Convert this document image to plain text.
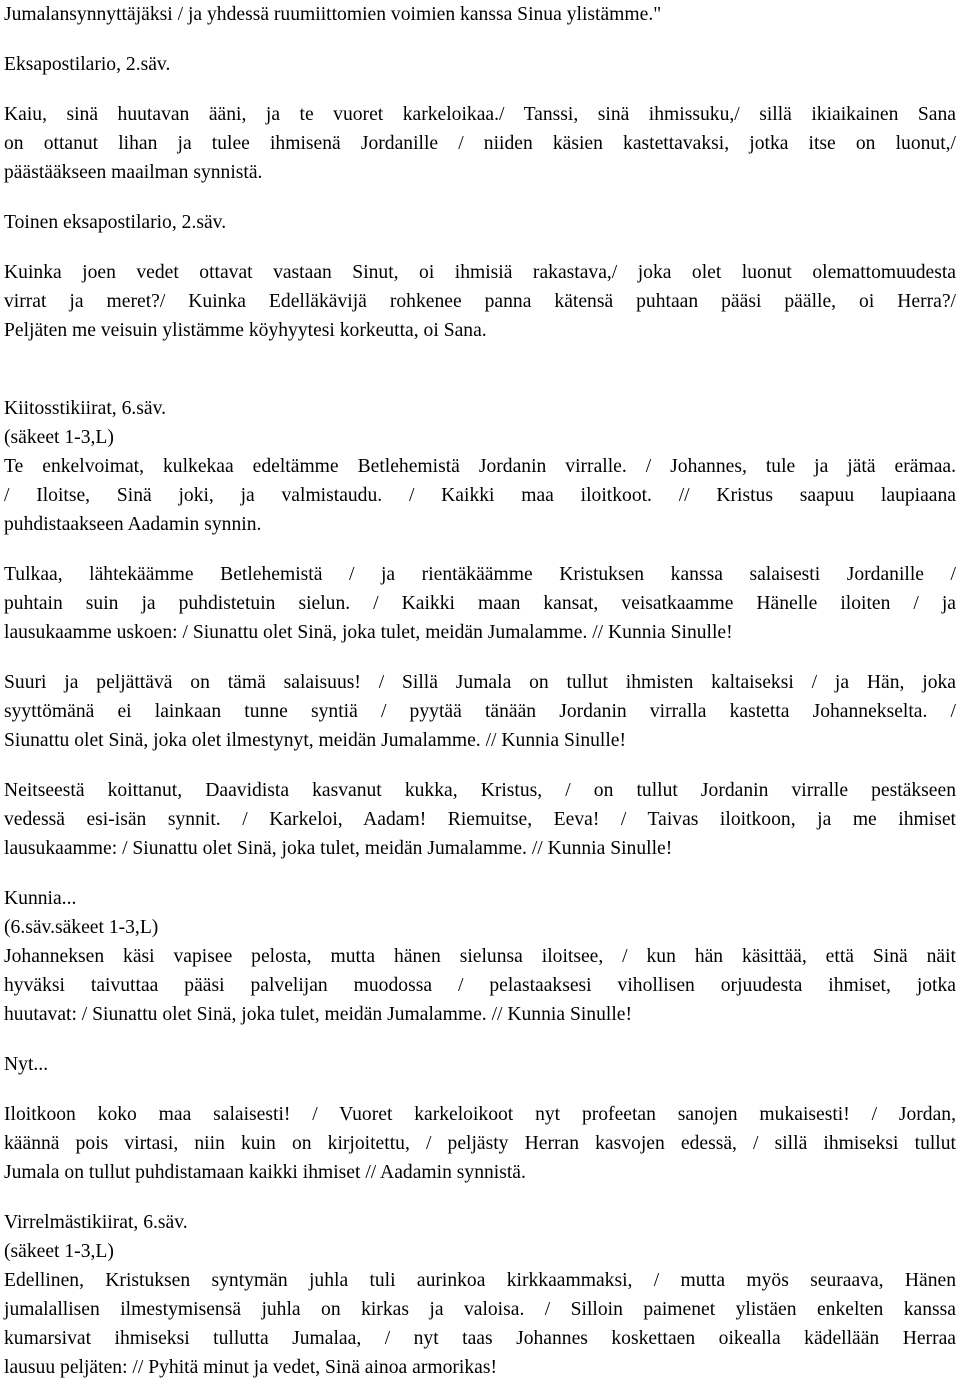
Jumalansynnyttäjäksi / ja yhdessä ruumiittomien voimien kanssa Sinua ylistämme."
Eksapostilario, 2.säv.
Kaiu, sinä huutavan ääni, ja te vuoret karkeloikaa./ Tanssi, sinä ihmissuku,/ sillä ikiaikainen Sana
on ottanut lihan ja tulee ihmisenä Jordanille / niiden käsien kastettavaksi, jotka itse on luonut,/
päästääkseen maailman synnistä.
Toinen eksapostilario, 2.säv.
Kuinka joen vedet ottavat vastaan Sinut, oi ihmisiä rakastava,/ joka olet luonut olemattomuudesta
virrat ja meret?/ Kuinka Edelläkävijä rohkenee panna kätensä puhtaan pääsi päälle, oi Herra?/
Peljäten me veisuin ylistämme köyhyytesi korkeutta, oi Sana.
Kiitosstikiirat, 6.säv.
(säkeet 1-3,L)
Te enkelvoimat, kulkekaa edeltämme Betlehemistä Jordanin virralle. / Johannes, tule ja jätä erämaa.
/ Iloitse, Sinä joki, ja valmistaudu. / Kaikki maa iloitkoot. // Kristus saapuu laupiaana
puhdistaakseen Aadamin synnin.
Tulkaa, lähtekäämme Betlehemistä / ja rientäkäämme Kristuksen kanssa salaisesti Jordanille /
puhtain suin ja puhdistetuin sielun. / Kaikki maan kansat, veisatkaamme Hänelle iloiten / ja
lausukaamme uskoen: / Siunattu olet Sinä, joka tulet, meidän Jumalamme. // Kunnia Sinulle!
Suuri ja peljättävä on tämä salaisuus! / Sillä Jumala on tullut ihmisten kaltaiseksi / ja Hän, joka
syyttömänä ei lainkaan tunne syntiä / pyytää tänään Jordanin virralla kastetta Johannekselta. /
Siunattu olet Sinä, joka olet ilmestynyt, meidän Jumalamme. // Kunnia Sinulle!
Neitseestä koittanut, Daavidista kasvanut kukka, Kristus, / on tullut Jordanin virralle pestäkseen
vedessä esi-isän synnit. / Karkeloi, Aadam! Riemuitse, Eeva! / Taivas iloitkoon, ja me ihmiset
lausukaamme: / Siunattu olet Sinä, joka tulet, meidän Jumalamme. // Kunnia Sinulle!
Kunnia...
(6.säv.säkeet 1-3,L)
Johanneksen käsi vapisee pelosta, mutta hänen sielunsa iloitsee, / kun hän käsittää, että Sinä näit
hyväksi taivuttaa pääsi palvelijan muodossa / pelastaaksesi vihollisen orjuudesta ihmiset, jotka
huutavat: / Siunattu olet Sinä, joka tulet, meidän Jumalamme. // Kunnia Sinulle!
Nyt...
Iloitkoon koko maa salaisesti! / Vuoret karkeloikoot nyt profeetan sanojen mukaisesti! / Jordan,
käännä pois virtasi, niin kuin on kirjoitettu, / peljästy Herran kasvojen edessä, / sillä ihmiseksi tullut
Jumala on tullut puhdistamaan kaikki ihmiset // Aadamin synnistä.
Virrelmästikiirat, 6.säv.
(säkeet 1-3,L)
Edellinen, Kristuksen syntymän juhla tuli aurinkoa kirkkaammaksi, / mutta myös seuraava, Hänen
jumalallisen ilmestymisensä juhla on kirkas ja valoisa. / Silloin paimenet ylistäen enkelten kanssa
kumarsivat ihmiseksi tullutta Jumalaa, / nyt taas Johannes koskettaen oikealla kädellään Herraa
lausuu peljäten: // Pyhitä minut ja vedet, Sinä ainoa armorikas!
